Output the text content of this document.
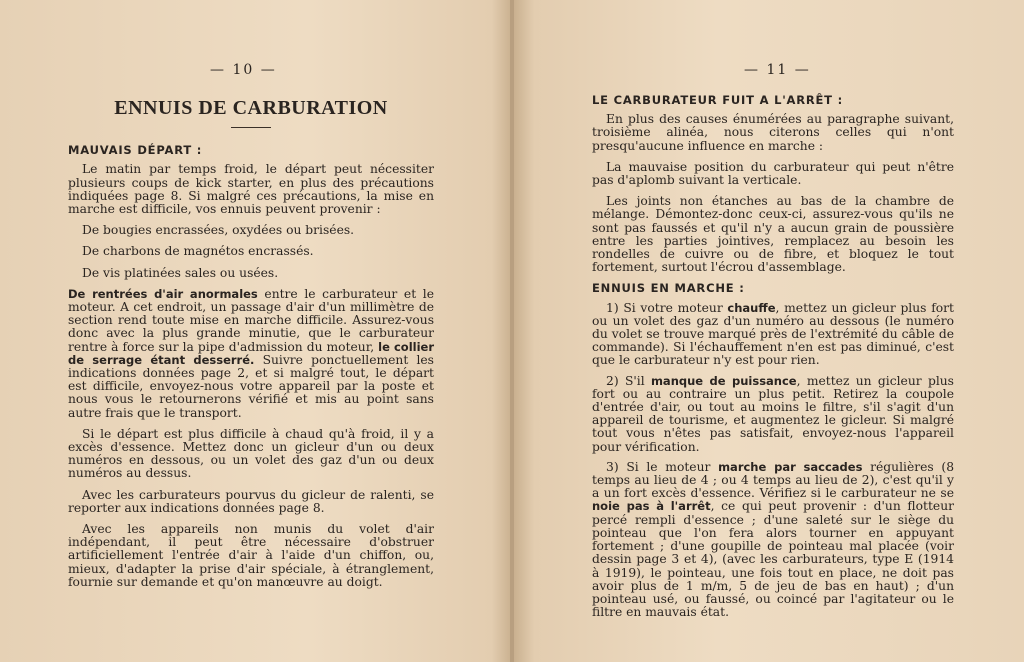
— 10 —
ENNUIS DE CARBURATION
MAUVAIS DÉPART :

Le matin par temps froid, le départ peut nécessiter plusieurs coups de kick starter, en plus des précautions indiquées page 8. Si malgré ces précautions, la mise en marche est difficile, vos ennuis peuvent provenir :

De bougies encrassées, oxydées ou brisées.

De charbons de magnétos encrassés.

De vis platinées sales ou usées.

De rentrées d'air anormales entre le carburateur et le moteur. A cet endroit, un passage d'air d'un millimètre de section rend toute mise en marche difficile. Assurez-vous donc avec la plus grande minutie, que le carburateur rentre à force sur la pipe d'admission du moteur, le collier de serrage étant desserré. Suivre ponctuellement les indications données page 2, et si malgré tout, le départ est difficile, envoyez-nous votre appareil par la poste et nous vous le retournerons vérifié et mis au point sans autre frais que le transport.

Si le départ est plus difficile à chaud qu'à froid, il y a excès d'essence. Mettez donc un gicleur d'un ou deux numéros en dessous, ou un volet des gaz d'un ou deux numéros au dessus.

Avec les carburateurs pourvus du gicleur de ralenti, se reporter aux indications données page 8.

Avec les appareils non munis du volet d'air indépendant, il peut être nécessaire d'obstruer artificiellement l'entrée d'air à l'aide d'un chiffon, ou, mieux, d'adapter la prise d'air spéciale, à étranglement, fournie sur demande et qu'on manœuvre au doigt.

— 11 —
LE CARBURATEUR FUIT A L'ARRÊT :

En plus des causes énumérées au paragraphe suivant, troisième alinéa, nous citerons celles qui n'ont presqu'aucune influence en marche :

La mauvaise position du carburateur qui peut n'être pas d'aplomb suivant la verticale.

Les joints non étanches au bas de la chambre de mélange. Démontez-donc ceux-ci, assurez-vous qu'ils ne sont pas faussés et qu'il n'y a aucun grain de poussière entre les parties jointives, remplacez au besoin les rondelles de cuivre ou de fibre, et bloquez le tout fortement, surtout l'écrou d'assemblage.

ENNUIS EN MARCHE :
1) Si votre moteur chauffe, mettez un gicleur plus fort ou un volet des gaz d'un numéro au dessous (le numéro du volet se trouve marqué près de l'extrémité du câble de commande). Si l'échauffement n'en est pas diminué, c'est que le carburateur n'y est pour rien.
2) S'il manque de puissance, mettez un gicleur plus fort ou au contraire un plus petit. Retirez la coupole d'entrée d'air, ou tout au moins le filtre, s'il s'agit d'un appareil de tourisme, et augmentez le gicleur. Si malgré tout vous n'êtes pas satisfait, envoyez-nous l'appareil pour vérification.
3) Si le moteur marche par saccades régulières (8 temps au lieu de 4 ; ou 4 temps au lieu de 2), c'est qu'il y a un fort excès d'essence. Vérifiez si le carburateur ne se noie pas à l'arrêt, ce qui peut provenir : d'un flotteur percé rempli d'essence ; d'une saleté sur le siège du pointeau que l'on fera alors tourner en appuyant fortement ; d'une goupille de pointeau mal placée (voir dessin page 3 et 4), (avec les carburateurs, type E (1914 à 1919), le pointeau, une fois tout en place, ne doit pas avoir plus de 1 m/m, 5 de jeu de bas en haut) ; d'un pointeau usé, ou faussé, ou coincé par l'agitateur ou le filtre en mauvais état.
